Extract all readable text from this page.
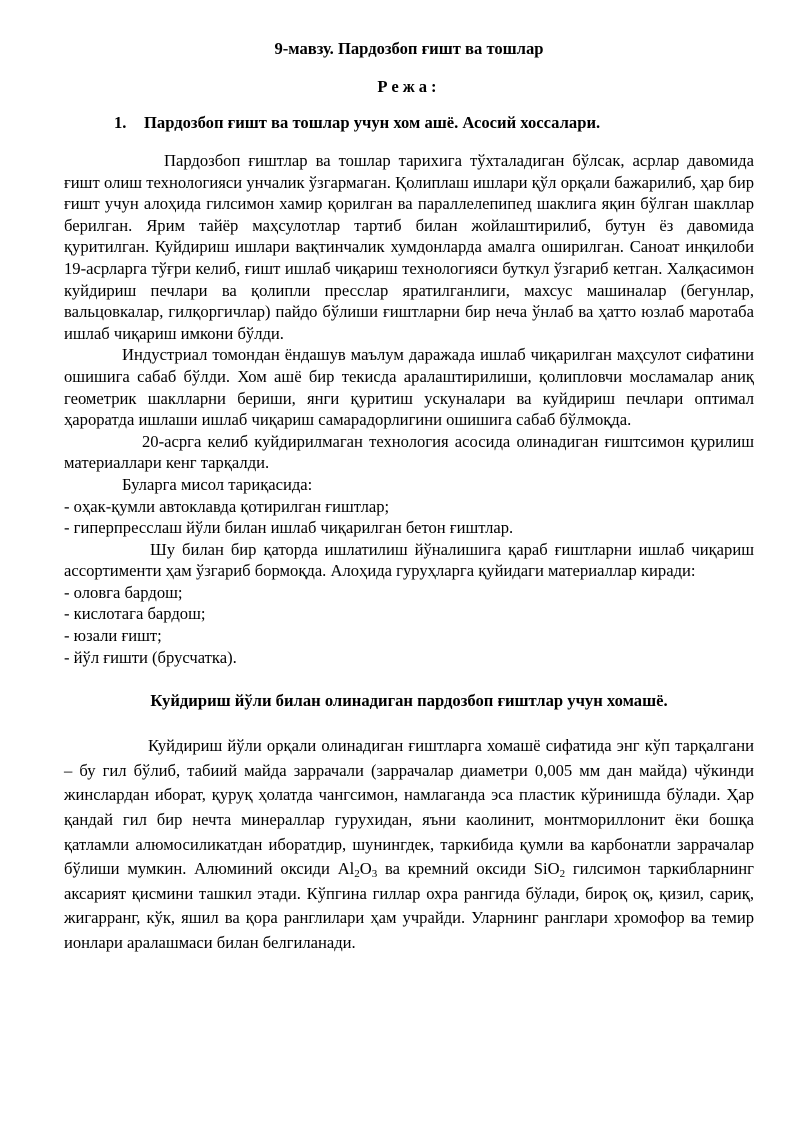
9-мавзу. Пардозбоп ғишт ва тошлар

Режа:

1. Пардозбоп ғишт ва тошлар учун хом ашё. Асосий хоссалари.

Пардозбоп ғиштлар ва тошлар тарихига тўхталадиган бўлсак, асрлар давомида ғишт олиш технологияси унчалик ўзгармаган. Қолиплаш ишлари қўл орқали бажарилиб, ҳар бир ғишт учун алоҳида гилсимон хамир қорилган ва параллелепипед шаклига яқин бўлган шакллар берилган. Ярим тайёр маҳсулотлар тартиб билан жойлаштирилиб, бутун ёз давомида қуритилган. Куйдириш ишлари вақтинчалик хумдонларда амалга оширилган. Саноат инқилоби 19-асрларга тўғри келиб, ғишт ишлаб чиқариш технологияси буткул ўзгариб кетган. Халқасимон куйдириш печлари ва қолипли пресслар яратилганлиги, махсус машиналар (бегунлар, вальцовкалар, гилқоргичлар) пайдо бўлиши ғиштларни бир неча ўнлаб ва ҳатто юзлаб маротаба ишлаб чиқариш имкони бўлди.

Индустриал томондан ёндашув маълум даражада ишлаб чиқарилган маҳсулот сифатини ошишига сабаб бўлди. Хом ашё бир текисда аралаштирилиши, қолипловчи мосламалар аниқ геометрик шаклларни бериши, янги қуритиш ускуналари ва куйдириш печлари оптимал ҳароратда ишлаши ишлаб чиқариш самарадорлигини ошишига сабаб бўлмоқда.

20-асрга келиб куйдирилмаган технология асосида олинадиган ғиштсимон қурилиш материаллари кенг тарқалди.

Буларга мисол тариқасида:

- оҳак-қумли автоклавда қотирилган ғиштлар;

- гиперпресслаш йўли билан ишлаб чиқарилган бетон ғиштлар.

Шу билан бир қаторда ишлатилиш йўналишига қараб ғиштларни ишлаб чиқариш ассортименти ҳам ўзгариб бормоқда. Алоҳида гуруҳларга қуйидаги материаллар киради:

- оловга бардош;

- кислотага бардош;

- юзали ғишт;

- йўл ғишти (брусчатка).

Куйдириш йўли билан олинадиган пардозбоп ғиштлар учун хомашё.

Куйдириш йўли орқали олинадиган ғиштларга хомашё сифатида энг кўп тарқалгани – бу гил бўлиб, табиий майда заррачали (заррачалар диаметри 0,005 мм дан майда) чўкинди жинслардан иборат, қуруқ ҳолатда чангсимон, намлаганда эса пластик кўринишда бўлади. Ҳар қандай гил бир нечта минераллар гурухидан, яъни каолинит, монтмориллонит ёки бошқа қатламли алюмосиликатдан иборатдир, шунингдек, таркибида қумли ва карбонатли заррачалар бўлиши мумкин. Алюминий оксиди $Al_2O_3$ ва кремний оксиди SiO$_2$ гилсимон таркибларнинг аксарият қисмини ташкил этади. Кўпгина гиллар охра рангида бўлади, бироқ оқ, қизил, сариқ, жигарранг, кўк, яшил ва қора ранглилари ҳам учрайди. Уларнинг ранглари хромофор ва темир ионлари аралашмаси билан белгиланади.
